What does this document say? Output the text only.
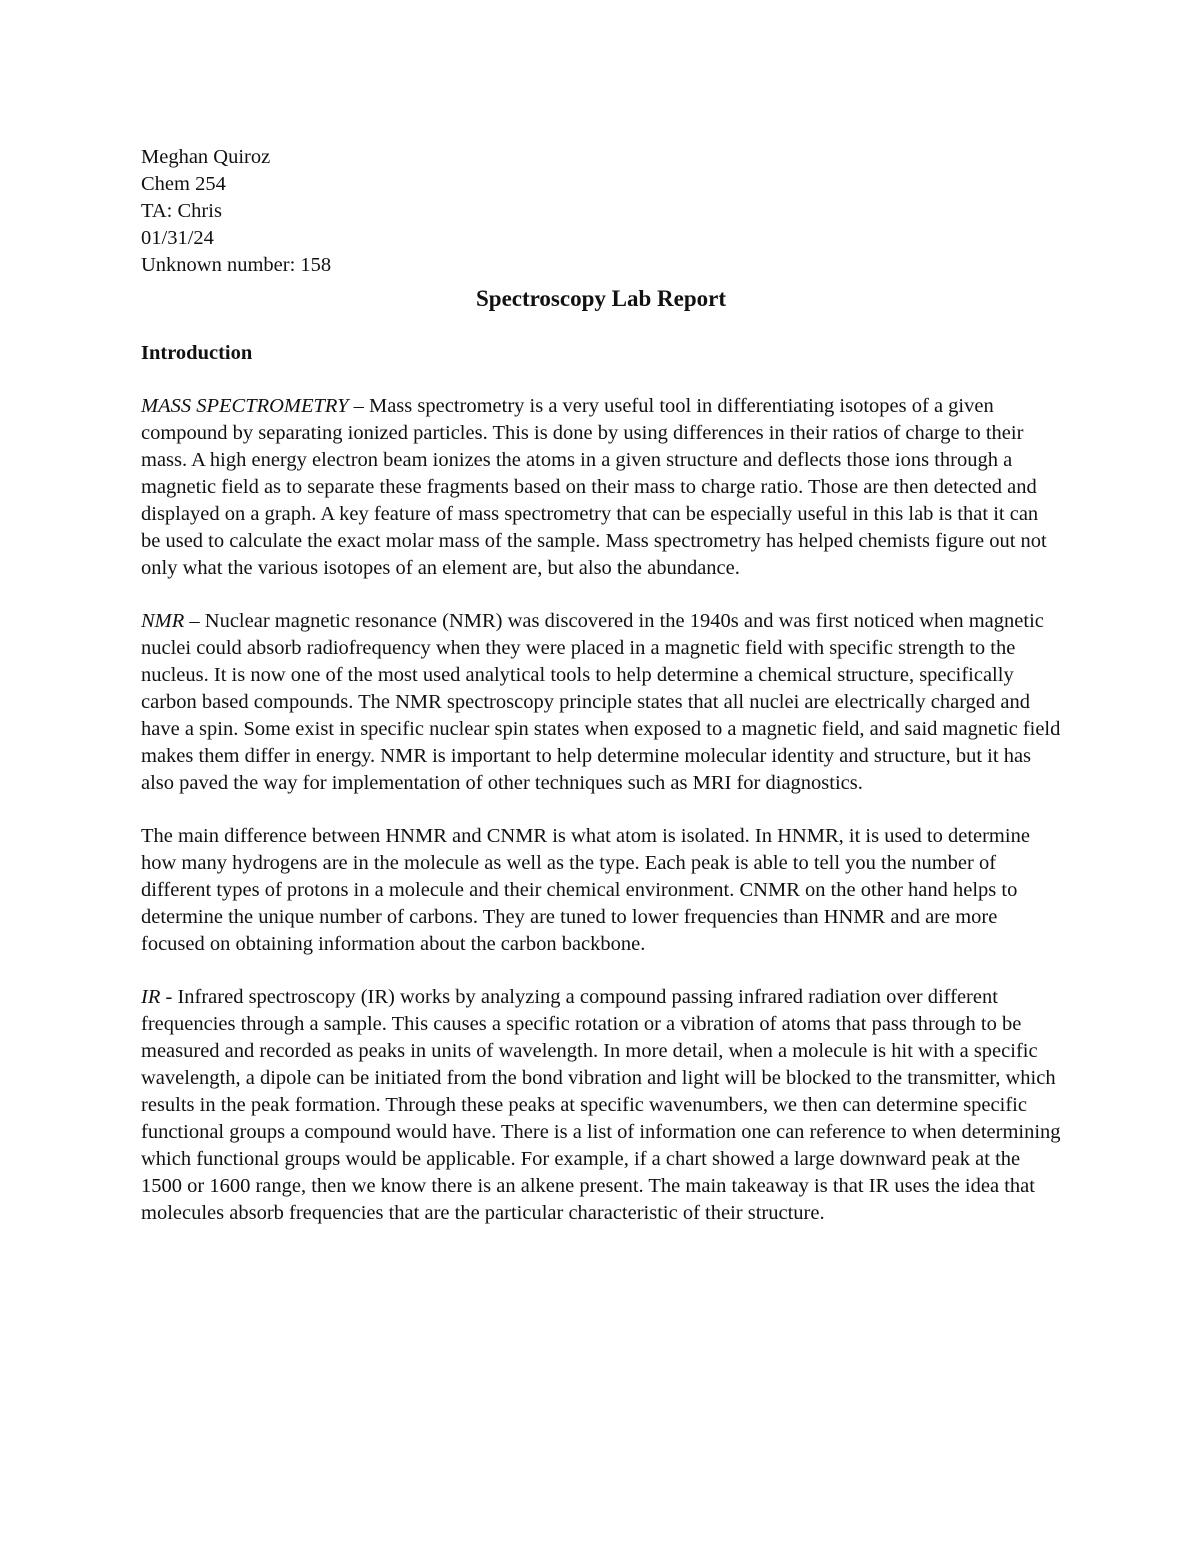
Meghan Quiroz
Chem 254
TA: Chris
01/31/24
Unknown number: 158
Spectroscopy Lab Report
Introduction

MASS SPECTROMETRY – Mass spectrometry is a very useful tool in differentiating isotopes of a given compound by separating ionized particles. This is done by using differences in their ratios of charge to their mass. A high energy electron beam ionizes the atoms in a given structure and deflects those ions through a magnetic field as to separate these fragments based on their mass to charge ratio. Those are then detected and displayed on a graph. A key feature of mass spectrometry that can be especially useful in this lab is that it can be used to calculate the exact molar mass of the sample. Mass spectrometry has helped chemists figure out not only what the various isotopes of an element are, but also the abundance.

NMR – Nuclear magnetic resonance (NMR) was discovered in the 1940s and was first noticed when magnetic nuclei could absorb radiofrequency when they were placed in a magnetic field with specific strength to the nucleus. It is now one of the most used analytical tools to help determine a chemical structure, specifically carbon based compounds. The NMR spectroscopy principle states that all nuclei are electrically charged and have a spin. Some exist in specific nuclear spin states when exposed to a magnetic field, and said magnetic field makes them differ in energy. NMR is important to help determine molecular identity and structure, but it has also paved the way for implementation of other techniques such as MRI for diagnostics.

The main difference between HNMR and CNMR is what atom is isolated. In HNMR, it is used to determine how many hydrogens are in the molecule as well as the type. Each peak is able to tell you the number of different types of protons in a molecule and their chemical environment. CNMR on the other hand helps to determine the unique number of carbons. They are tuned to lower frequencies than HNMR and are more focused on obtaining information about the carbon backbone.

IR - Infrared spectroscopy (IR) works by analyzing a compound passing infrared radiation over different frequencies through a sample. This causes a specific rotation or a vibration of atoms that pass through to be measured and recorded as peaks in units of wavelength. In more detail, when a molecule is hit with a specific wavelength, a dipole can be initiated from the bond vibration and light will be blocked to the transmitter, which results in the peak formation. Through these peaks at specific wavenumbers, we then can determine specific functional groups a compound would have. There is a list of information one can reference to when determining which functional groups would be applicable. For example, if a chart showed a large downward peak at the 1500 or 1600 range, then we know there is an alkene present. The main takeaway is that IR uses the idea that molecules absorb frequencies that are the particular characteristic of their structure.
